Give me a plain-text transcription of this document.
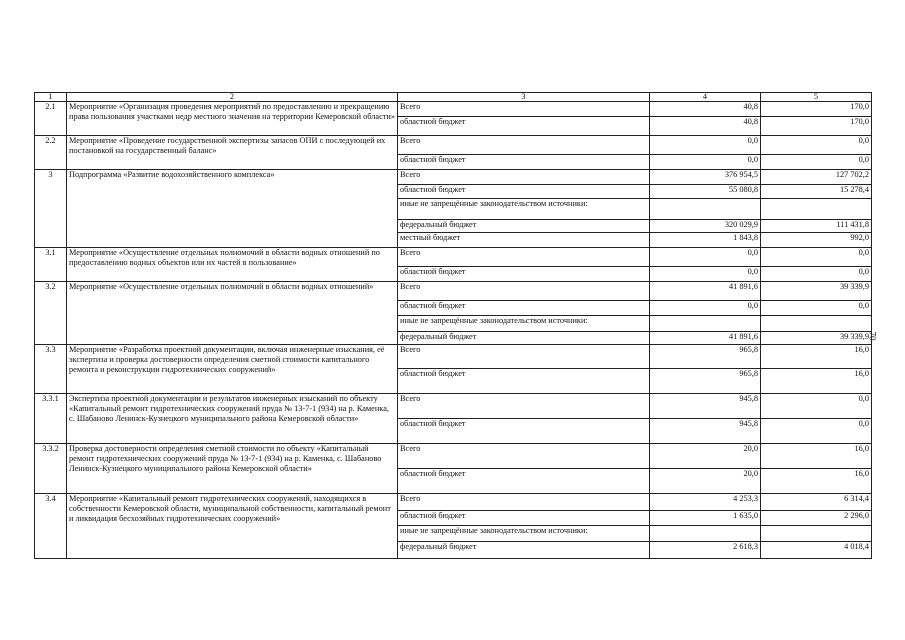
1	2	3	4	5
2.1	Мероприятие «Организация проведения мероприятий по предоставлению и прекращению права пользования участками недр местного значения на территории Кемеровской области»	Всего	40,8	170,0
		областной бюджет	40,8	170,0
2.2	Мероприятие «Проведение государственной экспертизы запасов ОПИ с последующей их постановкой на государственный баланс»	Всего	0,0	0,0
		областной бюджет	0,0	0,0
3	Подпрограмма «Развитие водохозяйственного комплекса»	Всего	376 954,5	127 702,2
		областной бюджет	55 080,8	15 278,4
		иные не запрещённые законодательством источники:		
		федеральный бюджет	320 029,9	111 431,8
		местный бюджет	1 843,8	992,0
3.1	Мероприятие «Осуществление отдельных полномочий в области водных отношений по предоставлению водных объектов или их частей в пользование»	Всего	0,0	0,0
		областной бюджет	0,0	0,0
3.2	Мероприятие «Осуществление отдельных полномочий в области водных отношений»	Всего	41 891,6	39 339,9
		областной бюджет	0,0	0,0
		иные не запрещённые законодательством источники:		
		федеральный бюджет	41 891,6	39 339,9
3.3	Мероприятие «Разработка проектной документации, включая инженерные изыскания, её экспертиза и проверка достоверности определения сметной стоимости капитального ремонта и реконструкции гидротехнических сооружений»	Всего	965,8	16,0
		областной бюджет	965,8	16,0
3.3.1	Экспертиза проектной документации и результатов инженерных изысканий по объекту «Капитальный ремонт гидротехнических сооружений пруда № 13-7-1 (934) на р. Каменка, с. Шабаново Ленинск-Кузнецкого муниципального района Кемеровской области»	Всего	945,8	0,0
		областной бюджет	945,8	0,0
3.3.2	Проверка достоверности определения сметной стоимости по объекту «Капитальный ремонт гидротехнических сооружений пруда № 13-7-1 (934) на р. Каменка, с. Шабаново Ленинск-Кузнецкого муниципального района Кемеровской области»	Всего	20,0	16,0
		областной бюджет	20,0	16,0
3.4	Мероприятие «Капитальный ремонт гидротехнических сооружений, находящихся в собственности Кемеровской области, муниципальной собственности, капитальный ремонт и ликвидация бесхозяйных гидротехнических сооружений»	Всего	4 253,3	6 314,4
		областной бюджет	1 635,0	2 296,0
		иные не запрещённые законодательством источники:		
		федеральный бюджет	2 618,3	4 018,4
70
